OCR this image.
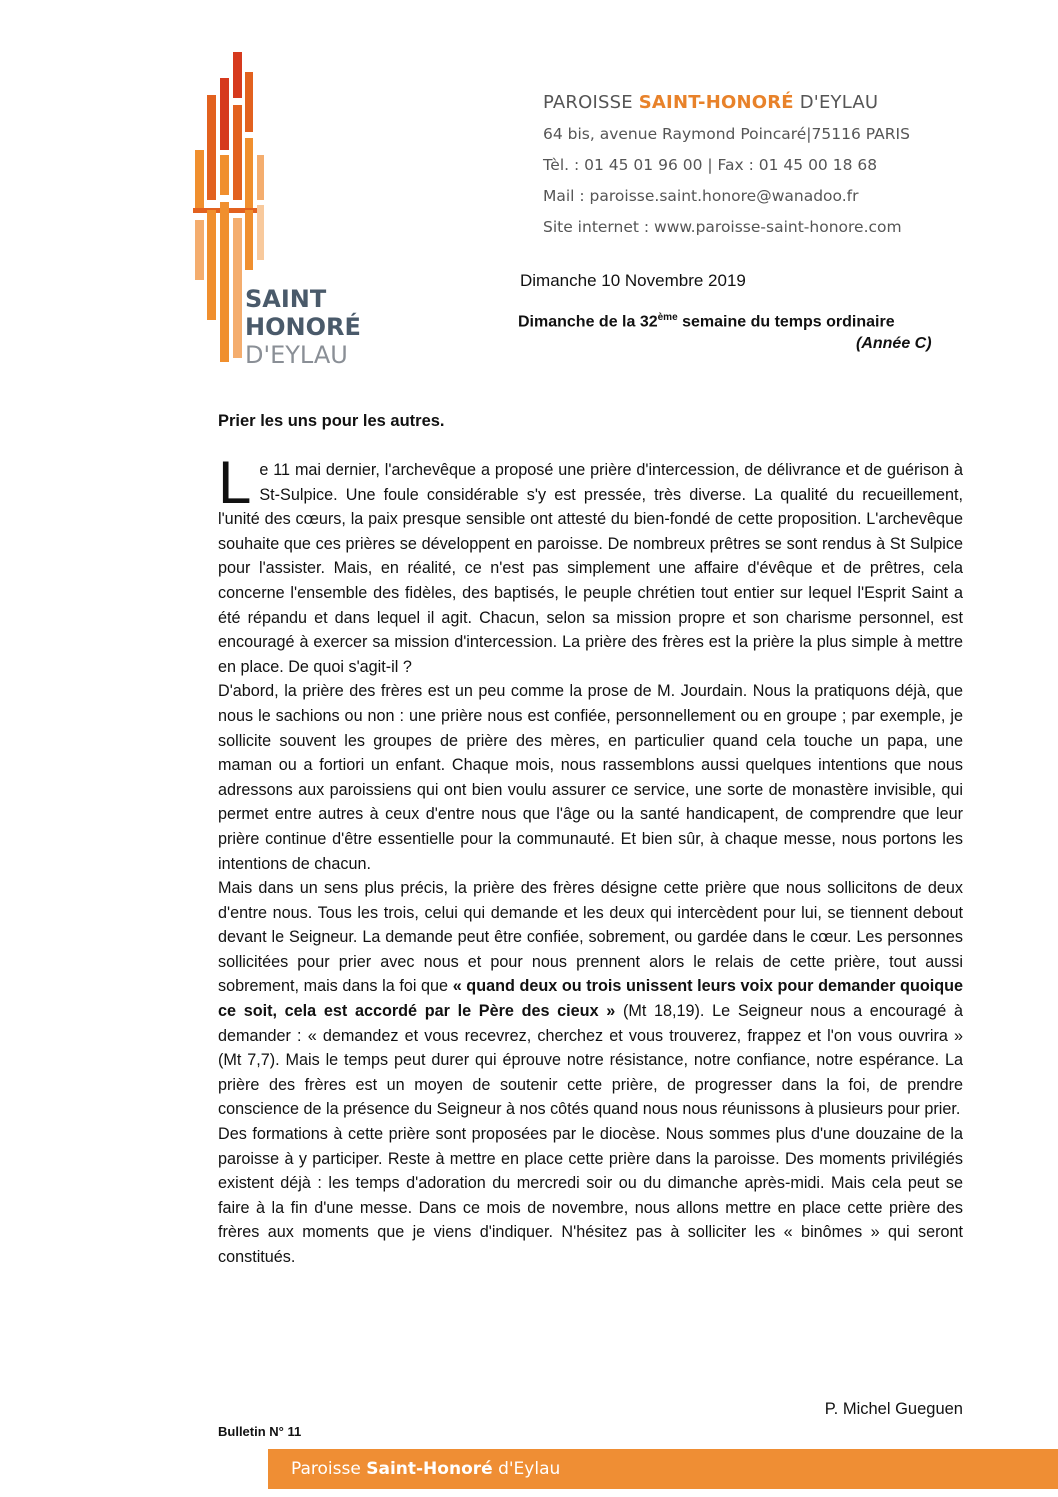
SAINT
HONORÉ
D'EYLAU
PAROISSE SAINT-HONORÉ D'EYLAU
64 bis, avenue Raymond Poincaré|75116 PARIS
Tèl. : 01 45 01 96 00 | Fax : 01 45 00 18 68
Mail : paroisse.saint.honore@wanadoo.fr
Site internet : www.paroisse-saint-honore.com
Dimanche 10 Novembre 2019
Dimanche de la 32ème semaine du temps ordinaire
(Année C)
Prier les uns pour les autres.

Le 11 mai dernier, l'archevêque a proposé une prière d'intercession, de délivrance et de guérison à St-Sulpice. Une foule considérable s'y est pressée, très diverse. La qualité du recueillement, l'unité des cœurs, la paix presque sensible ont attesté du bien-fondé de cette proposition. L'archevêque souhaite que ces prières se développent en paroisse. De nombreux prêtres se sont rendus à St Sulpice pour l'assister. Mais, en réalité, ce n'est pas simplement une affaire d'évêque et de prêtres, cela concerne l'ensemble des fidèles, des baptisés, le peuple chrétien tout entier sur lequel l'Esprit Saint a été répandu et dans lequel il agit. Chacun, selon sa mission propre et son charisme personnel, est encouragé à exercer sa mission d'intercession. La prière des frères est la prière la plus simple à mettre en place. De quoi s'agit-il ?

D'abord, la prière des frères est un peu comme la prose de M. Jourdain. Nous la pratiquons déjà, que nous le sachions ou non : une prière nous est confiée, personnellement ou en groupe ; par exemple, je sollicite souvent les groupes de prière des mères, en particulier quand cela touche un papa, une maman ou a fortiori un enfant. Chaque mois, nous rassemblons aussi quelques intentions que nous adressons aux paroissiens qui ont bien voulu assurer ce service, une sorte de monastère invisible, qui permet entre autres à ceux d'entre nous que l'âge ou la santé handicapent, de comprendre que leur prière continue d'être essentielle pour la communauté. Et bien sûr, à chaque messe, nous portons les intentions de chacun.

Mais dans un sens plus précis, la prière des frères désigne cette prière que nous sollicitons de deux d'entre nous. Tous les trois, celui qui demande et les deux qui intercèdent pour lui, se tiennent debout devant le Seigneur. La demande peut être confiée, sobrement, ou gardée dans le cœur. Les personnes sollicitées pour prier avec nous et pour nous prennent alors le relais de cette prière, tout aussi sobrement, mais dans la foi que « quand deux ou trois unissent leurs voix pour demander quoique ce soit, cela est accordé par le Père des cieux » (Mt 18,19). Le Seigneur nous a encouragé à demander : « demandez et vous recevrez, cherchez et vous trouverez, frappez et l'on vous ouvrira » (Mt 7,7). Mais le temps peut durer qui éprouve notre résistance, notre confiance, notre espérance. La prière des frères est un moyen de soutenir cette prière, de progresser dans la foi, de prendre conscience de la présence du Seigneur à nos côtés quand nous nous réunissons à plusieurs pour prier.

Des formations à cette prière sont proposées par le diocèse. Nous sommes plus d'une douzaine de la paroisse à y participer. Reste à mettre en place cette prière dans la paroisse. Des moments privilégiés existent déjà : les temps d'adoration du mercredi soir ou du dimanche après-midi. Mais cela peut se faire à la fin d'une messe. Dans ce mois de novembre, nous allons mettre en place cette prière des frères aux moments que je viens d'indiquer. N'hésitez pas à solliciter les « binômes » qui seront constitués.

P. Michel Gueguen
Bulletin N° 11
Paroisse Saint-Honoré d'Eylau
